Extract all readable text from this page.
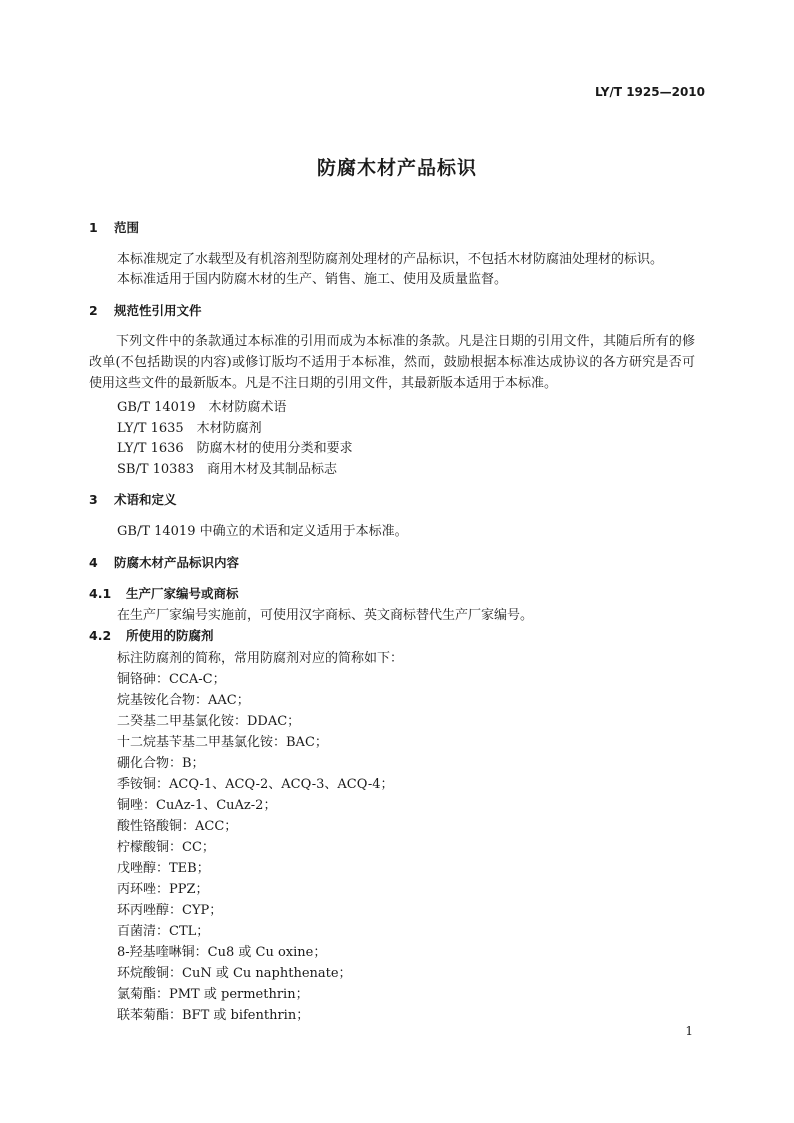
LY/T 1925—2010
防腐木材产品标识
1 范围
本标准规定了水载型及有机溶剂型防腐剂处理材的产品标识，不包括木材防腐油处理材的标识。
本标准适用于国内防腐木材的生产、销售、施工、使用及质量监督。
2 规范性引用文件
下列文件中的条款通过本标准的引用而成为本标准的条款。凡是注日期的引用文件，其随后所有的修改单(不包括勘误的内容)或修订版均不适用于本标准，然而，鼓励根据本标准达成协议的各方研究是否可使用这些文件的最新版本。凡是不注日期的引用文件，其最新版本适用于本标准。
GB/T 14019　木材防腐术语
LY/T 1635　木材防腐剂
LY/T 1636　防腐木材的使用分类和要求
SB/T 10383　商用木材及其制品标志
3 术语和定义
GB/T 14019 中确立的术语和定义适用于本标准。
4 防腐木材产品标识内容
4.1 生产厂家编号或商标
在生产厂家编号实施前，可使用汉字商标、英文商标替代生产厂家编号。
4.2 所使用的防腐剂
标注防腐剂的简称，常用防腐剂对应的简称如下：
铜铬砷：CCA-C；
烷基铵化合物：AAC；
二癸基二甲基氯化铵：DDAC；
十二烷基苄基二甲基氯化铵：BAC；
硼化合物：B；
季铵铜：ACQ-1、ACQ-2、ACQ-3、ACQ-4；
铜唑：CuAz-1、CuAz-2；
酸性铬酸铜：ACC；
柠檬酸铜：CC；
戊唑醇：TEB；
丙环唑：PPZ；
环丙唑醇：CYP；
百菌清：CTL；
8-羟基喹啉铜：Cu8 或 Cu oxine；
环烷酸铜：CuN 或 Cu naphthenate；
氯菊酯：PMT 或 permethrin；
联苯菊酯：BFT 或 bifenthrin；
1
